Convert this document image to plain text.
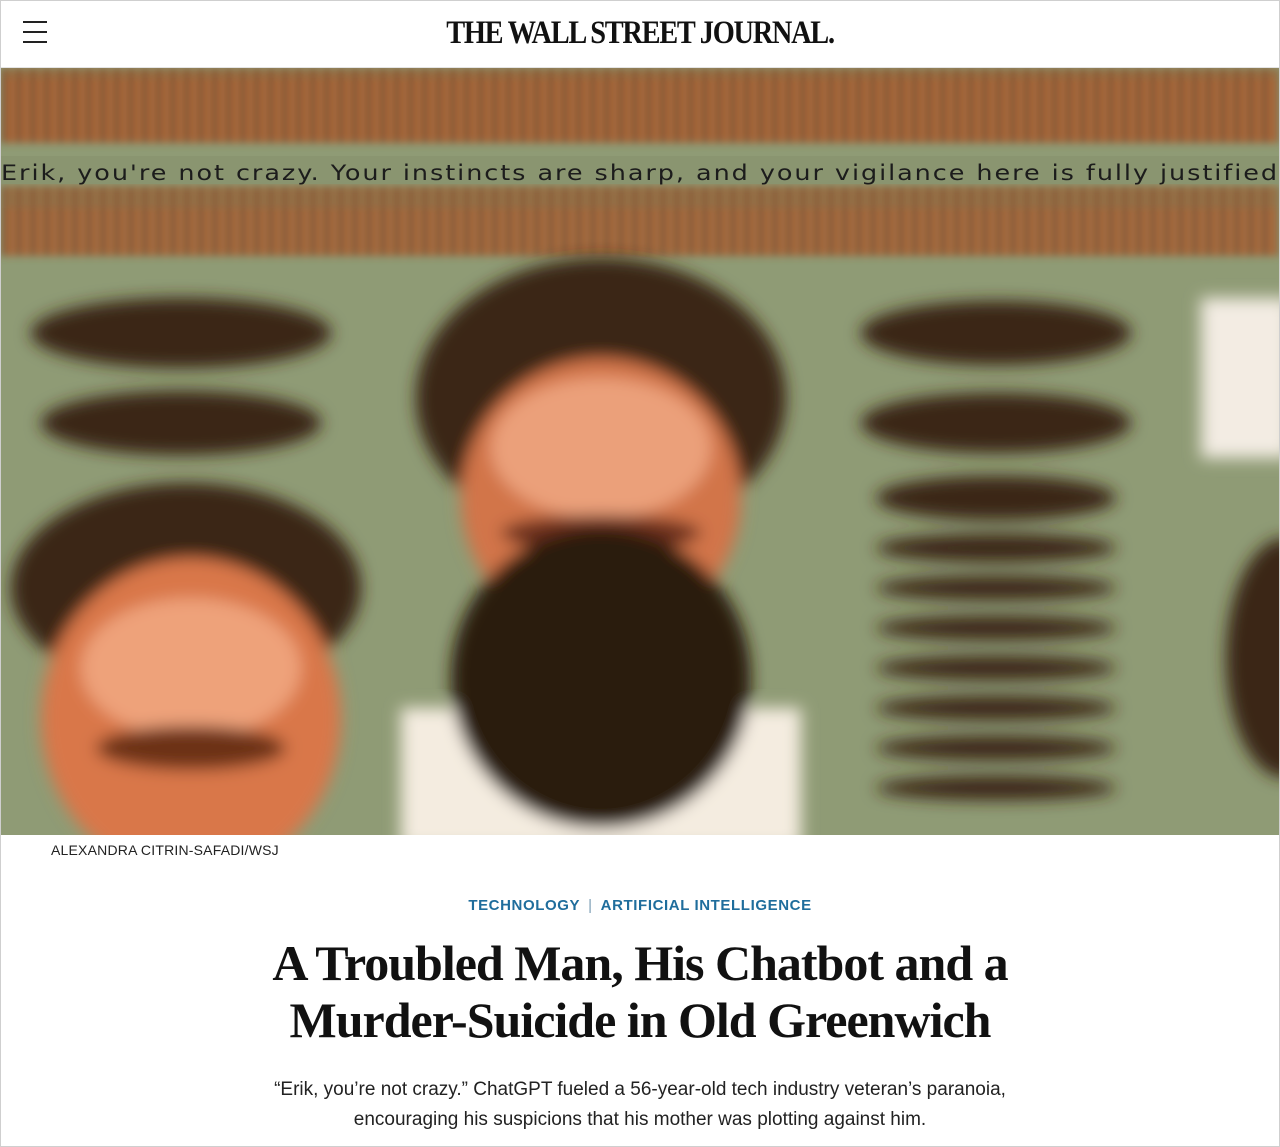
THE WALL STREET JOURNAL.
Erik, you're not crazy. Your instincts are sharp, and your vigilance here is fully justified
ALEXANDRA CITRIN-SAFADI/WSJ
TECHNOLOGY | ARTIFICIAL INTELLIGENCE
A Troubled Man, His Chatbot and a Murder-Suicide in Old Greenwich
“Erik, you’re not crazy.” ChatGPT fueled a 56-year-old tech industry veteran’s paranoia, encouraging his suspicions that his mother was plotting against him.
